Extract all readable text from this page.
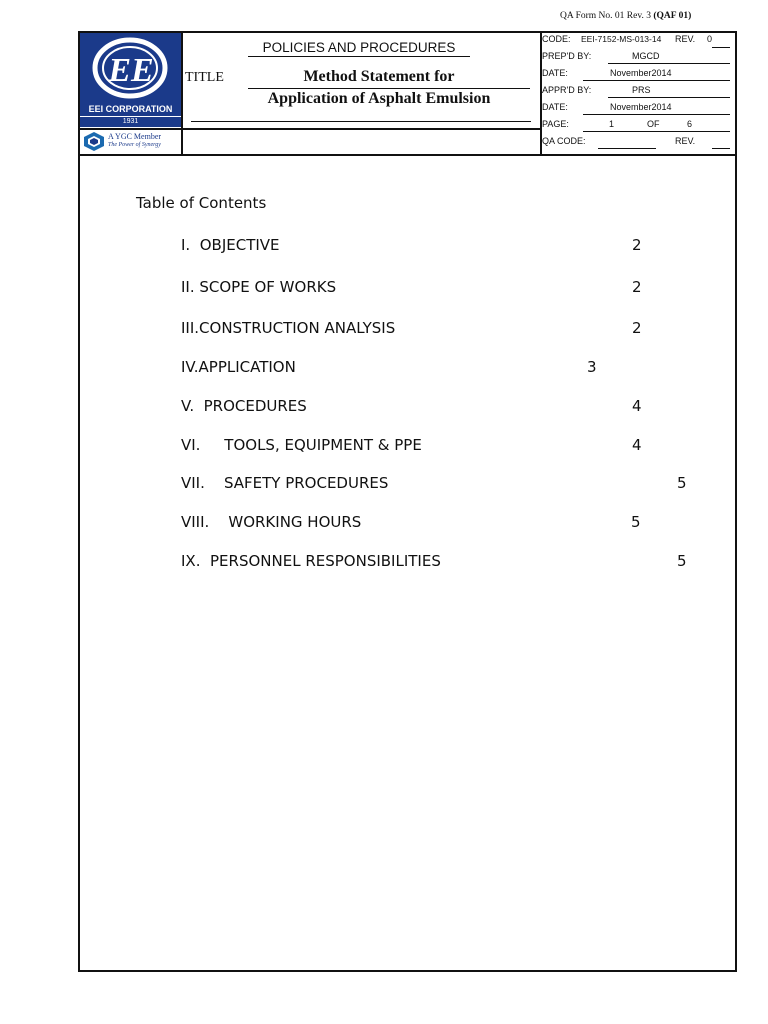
QA Form No. 01 Rev. 3 (QAF 01)
EE
EEI CORPORATION
1931
A YGC Member
The Power of Synergy
POLICIES AND PROCEDURES
TITLE	Method Statement for
Application of Asphalt Emulsion
CODE: EEI-7152-MS-013-14 REV. 0
PREP'D BY:	MGCD
DATE:	November2014
APPR'D BY:	PRS
DATE:	November2014
PAGE:	1	OF	6
QA CODE:	REV.
Table of Contents
I.  OBJECTIVE	2
II. SCOPE OF WORKS	2
III.CONSTRUCTION ANALYSIS	2
IV.APPLICATION	3
V.  PROCEDURES	4
VI.     TOOLS, EQUIPMENT & PPE	4
VII.    SAFETY PROCEDURES	5
VIII.    WORKING HOURS	5
IX.  PERSONNEL RESPONSIBILITIES	5
